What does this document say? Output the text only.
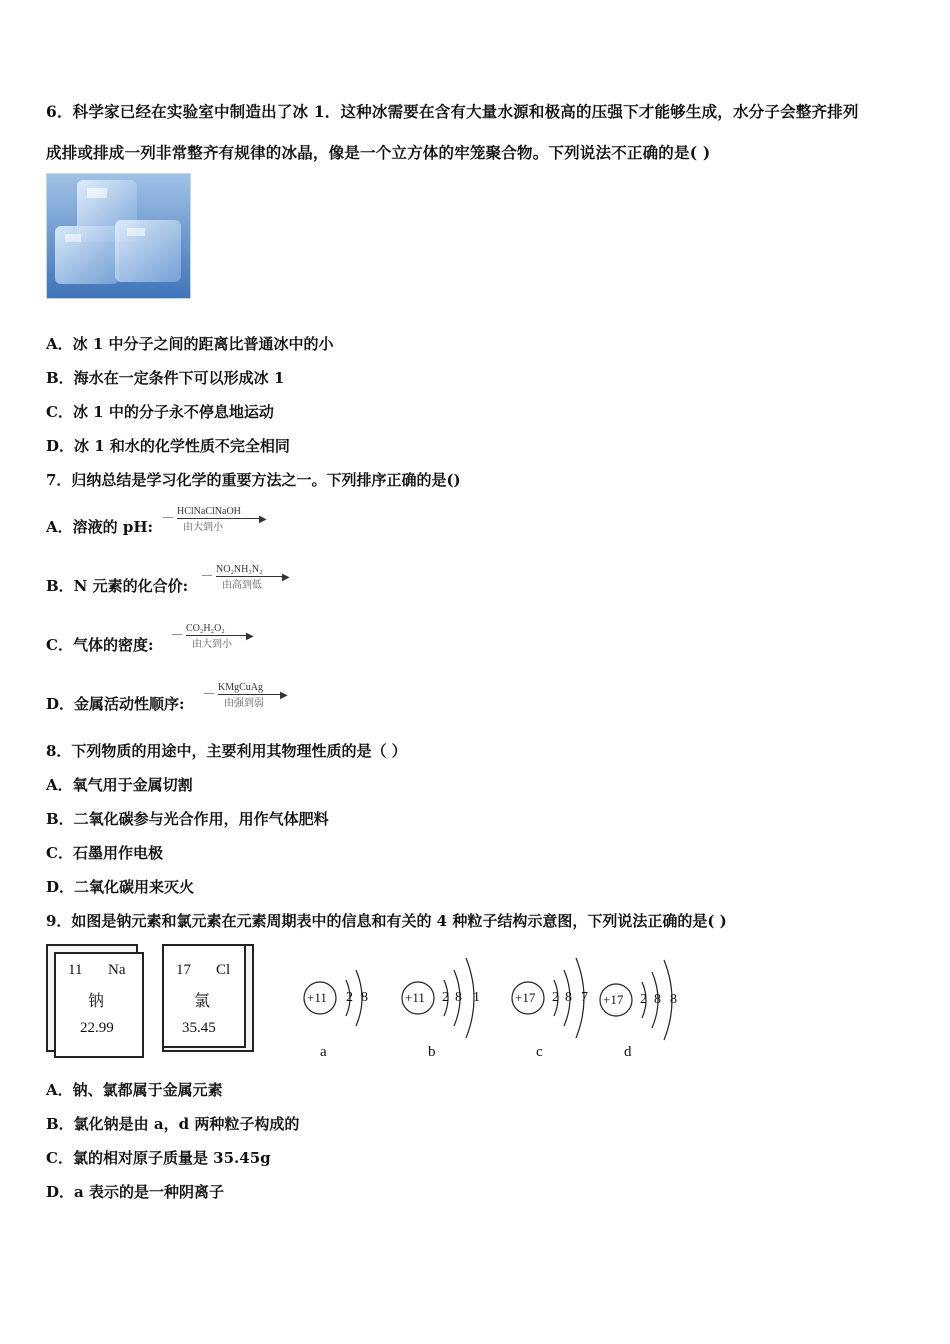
6．科学家已经在实验室中制造出了冰 1．这种冰需要在含有大量水源和极高的压强下才能够生成，水分子会整齐排列
成排或排成一列非常整齐有规律的冰晶，像是一个立方体的牢笼聚合物。下列说法不正确的是( )
A．冰 1 中分子之间的距离比普通冰中的小
B．海水在一定条件下可以形成冰 1
C．冰 1 中的分子永不停息地运动
D．冰 1 和水的化学性质不完全相同
7．归纳总结是学习化学的重要方法之一。下列排序正确的是()
A．溶液的 pH:
—
HClNaClNaOH
▶
由大到小
B．N 元素的化合价:
—
NO₂NH₃N₂
▶
由高到低
C．气体的密度:
—
CO₂H₂O₂
▶
由大到小
D．金属活动性顺序:
—
KMgCuAg
▶
由强到弱
8．下列物质的用途中，主要利用其物理性质的是（ ）
A．氧气用于金属切割
B．二氧化碳参与光合作用，用作气体肥料
C．石墨用作电极
D．二氧化碳用来灭火
9．如图是钠元素和氯元素在元素周期表中的信息和有关的 4 种粒子结构示意图，下列说法正确的是( )
11 Na
钠
22.99
17 Cl
氯
35.45
+11 2 8
a
+11 2 8 1
b
+17 2 8 7
c
+17 2 8 8
d
A．钠、氯都属于金属元素
B．氯化钠是由 a，d 两种粒子构成的
C．氯的相对原子质量是 35.45g
D．a 表示的是一种阴离子
